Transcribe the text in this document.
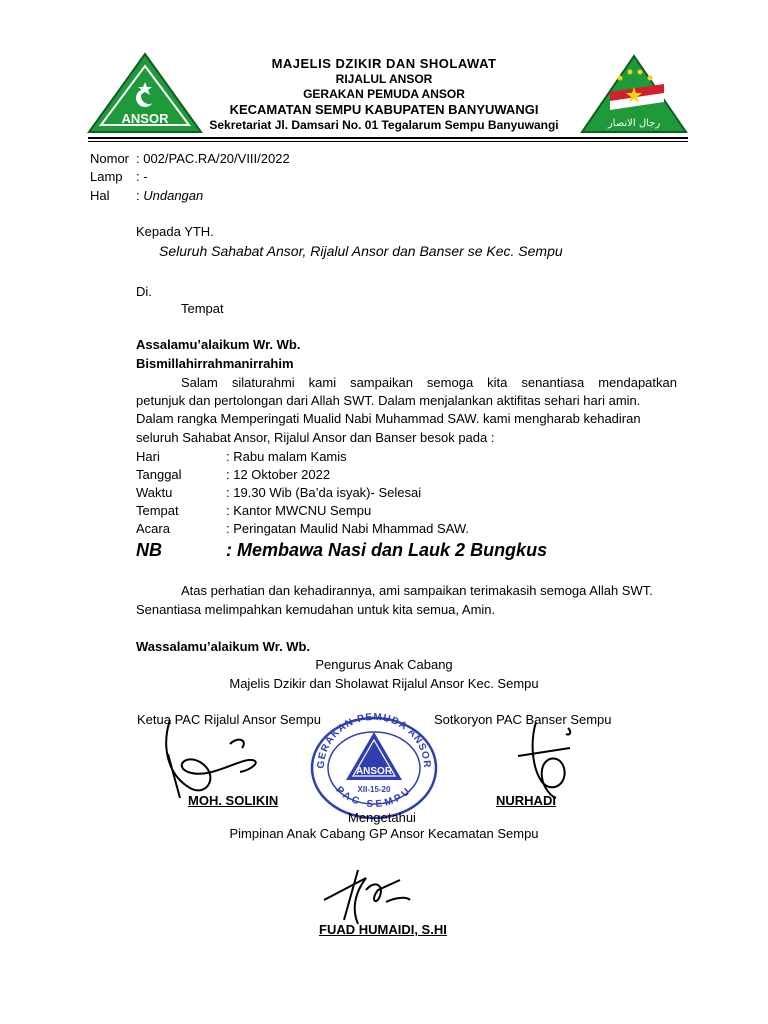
ANSOR	رجال الانصار
MAJELIS DZIKIR DAN SHOLAWAT
RIJALUL ANSOR
GERAKAN PEMUDA ANSOR
KECAMATAN SEMPU KABUPATEN BANYUWANGI
Sekretariat Jl. Damsari No. 01 Tegalarum Sempu Banyuwangi
Nomor : 002/PAC.RA/20/VIII/2022
Lamp : -
Hal : Undangan
Kepada YTH.
Seluruh Sahabat Ansor, Rijalul Ansor dan Banser se Kec. Sempu
Di.
Tempat
Assalamu’alaikum Wr. Wb.
Bismillahirrahmanirrahim
Salam silaturahmi kami sampaikan semoga kita senantiasa mendapatkan
petunjuk dan pertolongan dari Allah SWT. Dalam menjalankan aktifitas sehari hari amin.
Dalam rangka Memperingati Mualid Nabi Muhammad SAW. kami mengharab kehadiran
seluruh Sahabat Ansor, Rijalul Ansor dan Banser besok pada :
Hari	: Rabu malam Kamis
Tanggal	: 12 Oktober 2022
Waktu	: 19.30 Wib (Ba’da isyak)- Selesai
Tempat	: Kantor MWCNU Sempu
Acara	: Peringatan Maulid Nabi Mhammad SAW.
NB	: Membawa Nasi dan Lauk 2 Bungkus
Atas perhatian dan kehadirannya, ami sampaikan terimakasih semoga Allah SWT.
Senantiasa melimpahkan kemudahan untuk kita semua, Amin.
Wassalamu’alaikum Wr. Wb.
Pengurus Anak Cabang
Majelis Dzikir dan Sholawat Rijalul Ansor Kec. Sempu
Ketua PAC Rijalul Ansor Sempu	Sotkoryon PAC Banser Sempu
GERAKAN PEMUDA ANSOR
PAC SEMPU
ANSOR
XII-15-20
MOH. SOLIKIN	NURHADI
Mengetahui
Pimpinan Anak Cabang GP Ansor Kecamatan Sempu
FUAD HUMAIDI, S.HI
